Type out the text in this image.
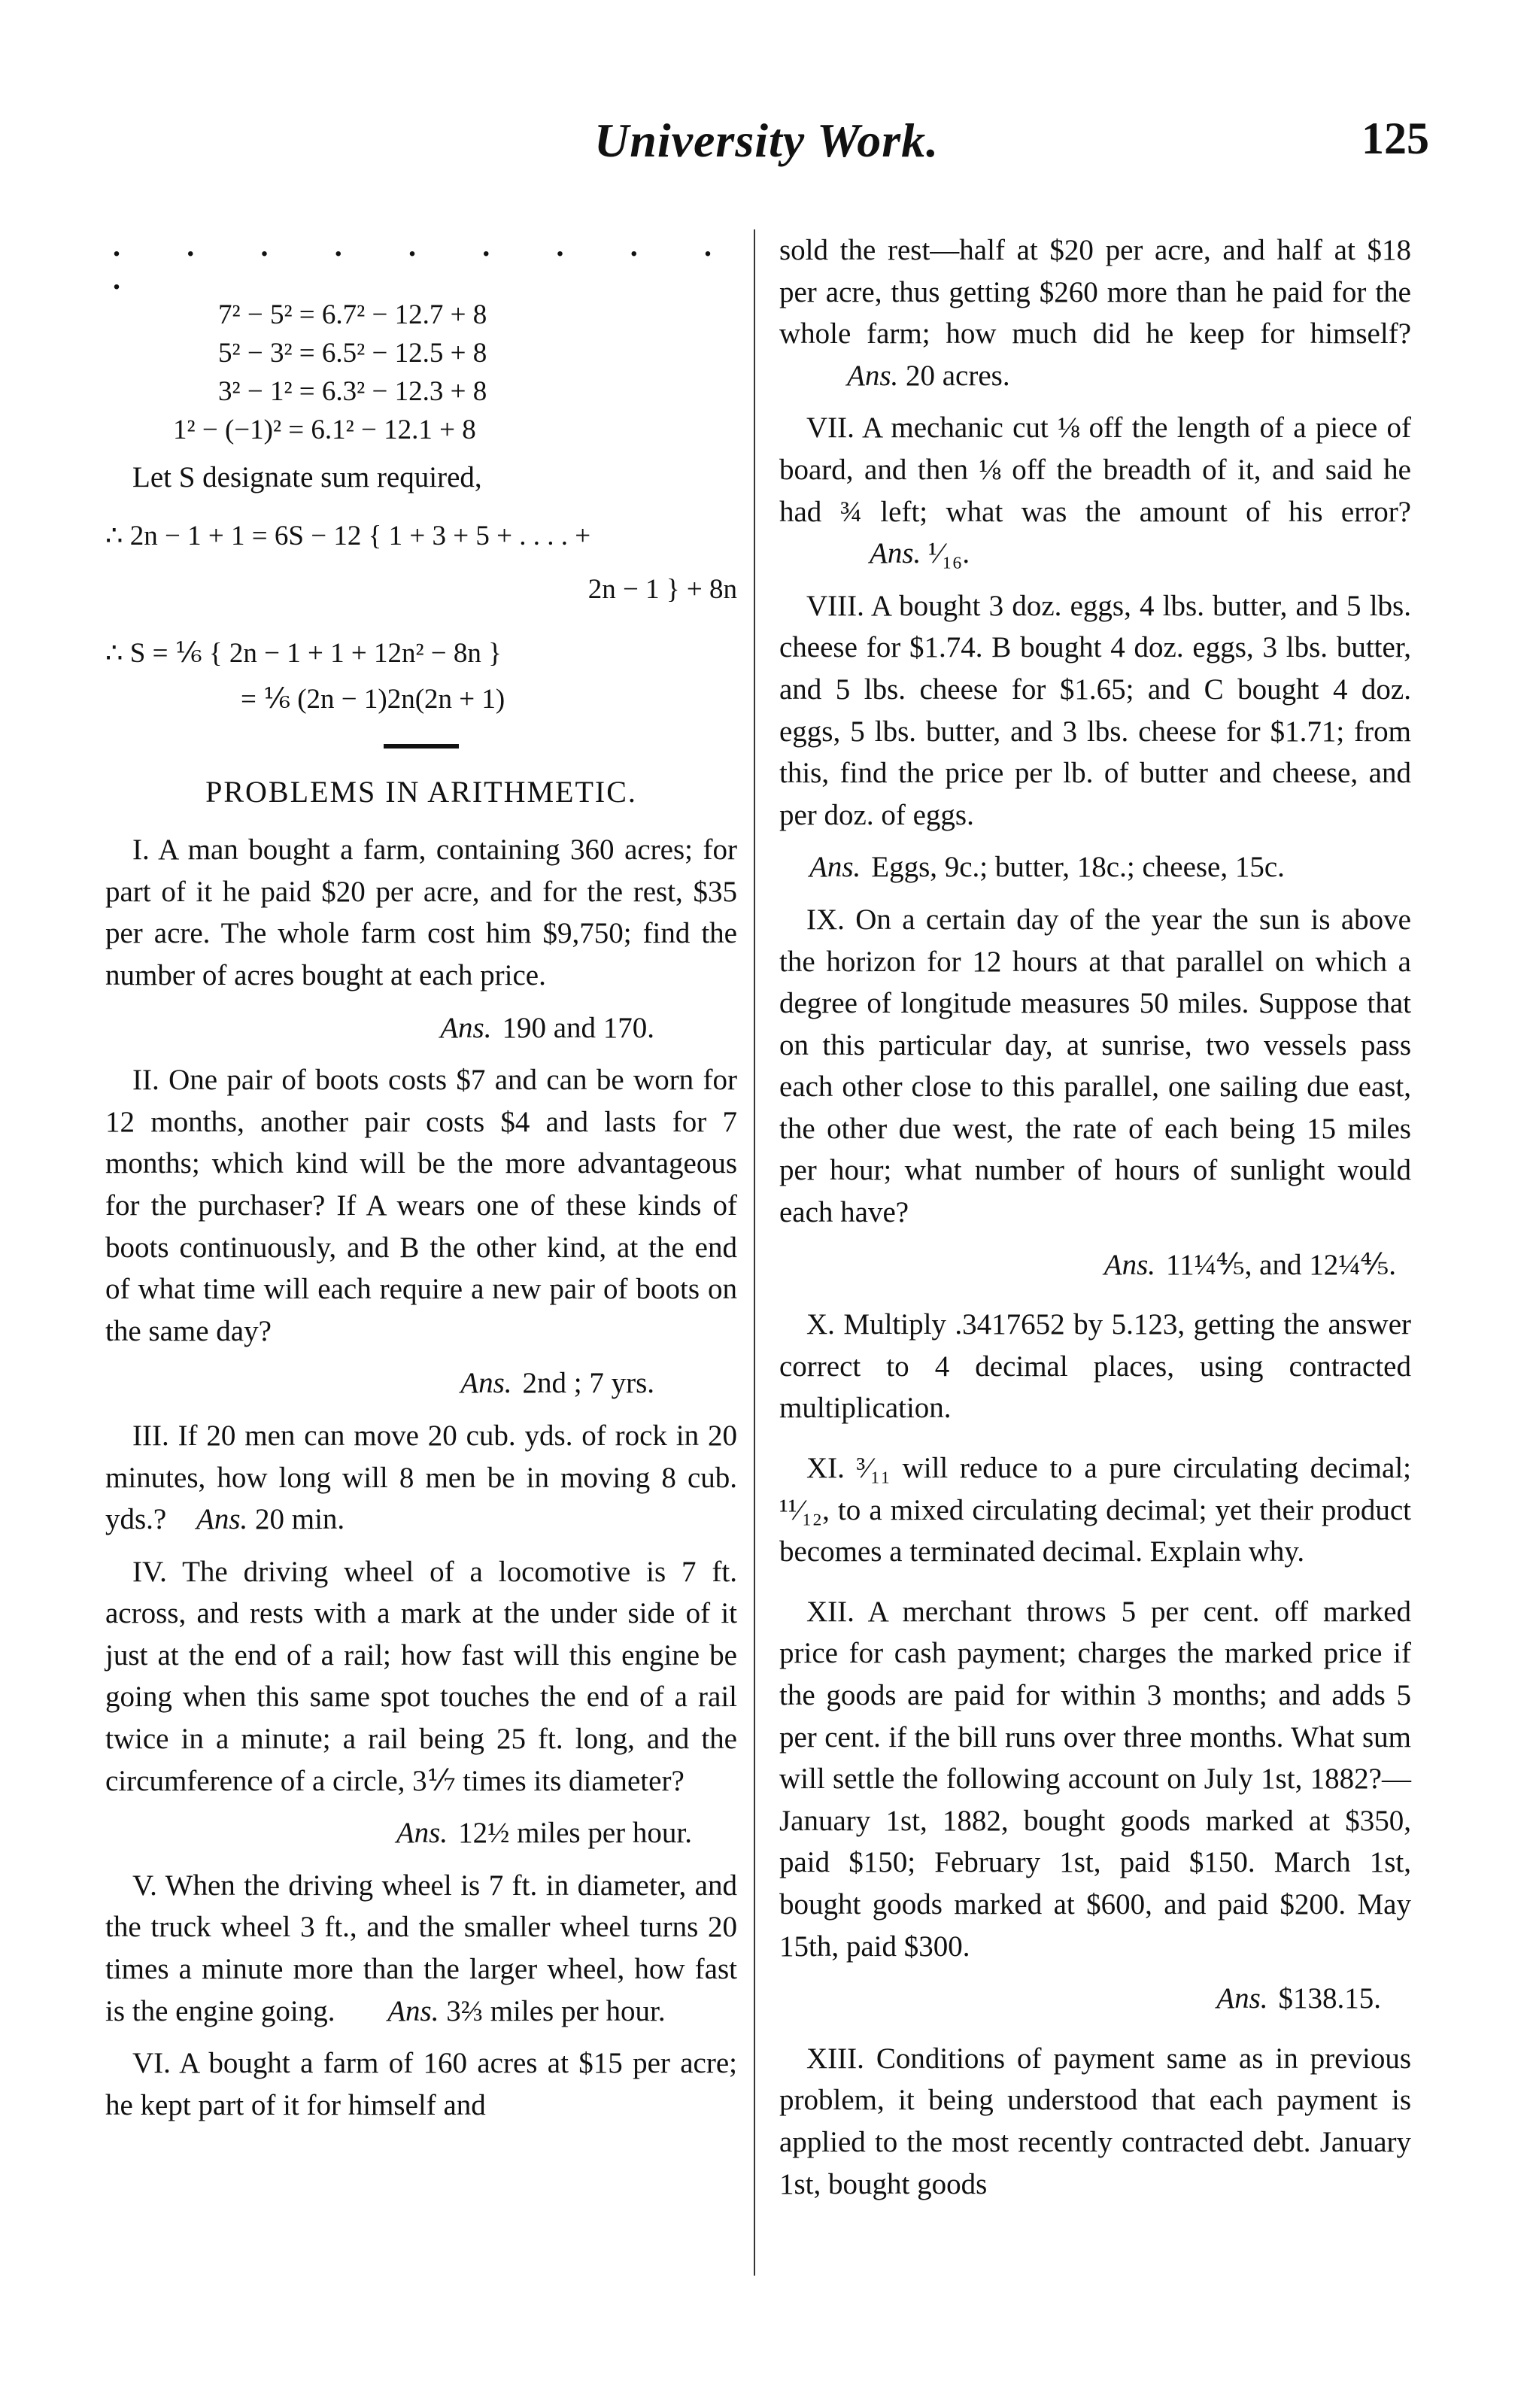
University Work.	125
. . . . . . . . . .
7² − 5² = 6.7² − 12.7 + 8
5² − 3² = 6.5² − 12.5 + 8
3² − 1² = 6.3² − 12.3 + 8
1² − (−1)² = 6.1² − 12.1 + 8

Let S designate sum required,

∴ 2n − 1 + 1 = 6S − 12 { 1 + 3 + 5 + . . . . +
2n − 1 } + 8n
∴ S = ⅙ { 2n − 1 + 1 + 12n² − 8n }
= ⅙ (2n − 1)2n(2n + 1)
PROBLEMS IN ARITHMETIC.

I. A man bought a farm, containing 360 acres; for part of it he paid $20 per acre, and for the rest, $35 per acre. The whole farm cost him $9,750; find the number of acres bought at each price.

Ans. 190 and 170.

II. One pair of boots costs $7 and can be worn for 12 months, another pair costs $4 and lasts for 7 months; which kind will be the more advantageous for the purchaser? If A wears one of these kinds of boots continuously, and B the other kind, at the end of what time will each require a new pair of boots on the same day?

Ans. 2nd ; 7 yrs.

III. If 20 men can move 20 cub. yds. of rock in 20 minutes, how long will 8 men be in moving 8 cub. yds.? Ans. 20 min.

IV. The driving wheel of a locomotive is 7 ft. across, and rests with a mark at the under side of it just at the end of a rail; how fast will this engine be going when this same spot touches the end of a rail twice in a minute; a rail being 25 ft. long, and the circumference of a circle, 3⅐ times its diameter?

Ans. 12½ miles per hour.

V. When the driving wheel is 7 ft. in diameter, and the truck wheel 3 ft., and the smaller wheel turns 20 times a minute more than the larger wheel, how fast is the engine going. Ans. 3⅔ miles per hour.

VI. A bought a farm of 160 acres at $15 per acre; he kept part of it for himself and

sold the rest—half at $20 per acre, and half at $18 per acre, thus getting $260 more than he paid for the whole farm; how much did he keep for himself? Ans. 20 acres.

VII. A mechanic cut ⅛ off the length of a piece of board, and then ⅛ off the breadth of it, and said he had ¾ left; what was the amount of his error? Ans. ¹⁄₁₆.

VIII. A bought 3 doz. eggs, 4 lbs. butter, and 5 lbs. cheese for $1.74. B bought 4 doz. eggs, 3 lbs. butter, and 5 lbs. cheese for $1.65; and C bought 4 doz. eggs, 5 lbs. butter, and 3 lbs. cheese for $1.71; from this, find the price per lb. of butter and cheese, and per doz. of eggs.

Ans. Eggs, 9c.; butter, 18c.; cheese, 15c.

IX. On a certain day of the year the sun is above the horizon for 12 hours at that parallel on which a degree of longitude measures 50 miles. Suppose that on this particular day, at sunrise, two vessels pass each other close to this parallel, one sailing due east, the other due west, the rate of each being 15 miles per hour; what number of hours of sunlight would each have?

Ans. 11¼⅘, and 12¼⅘.

X. Multiply .3417652 by 5.123, getting the answer correct to 4 decimal places, using contracted multiplication.

XI. ³⁄₁₁ will reduce to a pure circulating decimal; ¹¹⁄₁₂, to a mixed circulating decimal; yet their product becomes a terminated decimal. Explain why.

XII. A merchant throws 5 per cent. off marked price for cash payment; charges the marked price if the goods are paid for within 3 months; and adds 5 per cent. if the bill runs over three months. What sum will settle the following account on July 1st, 1882?—January 1st, 1882, bought goods marked at $350, paid $150; February 1st, paid $150. March 1st, bought goods marked at $600, and paid $200. May 15th, paid $300.

Ans. $138.15.

XIII. Conditions of payment same as in previous problem, it being understood that each payment is applied to the most recently contracted debt. January 1st, bought goods
